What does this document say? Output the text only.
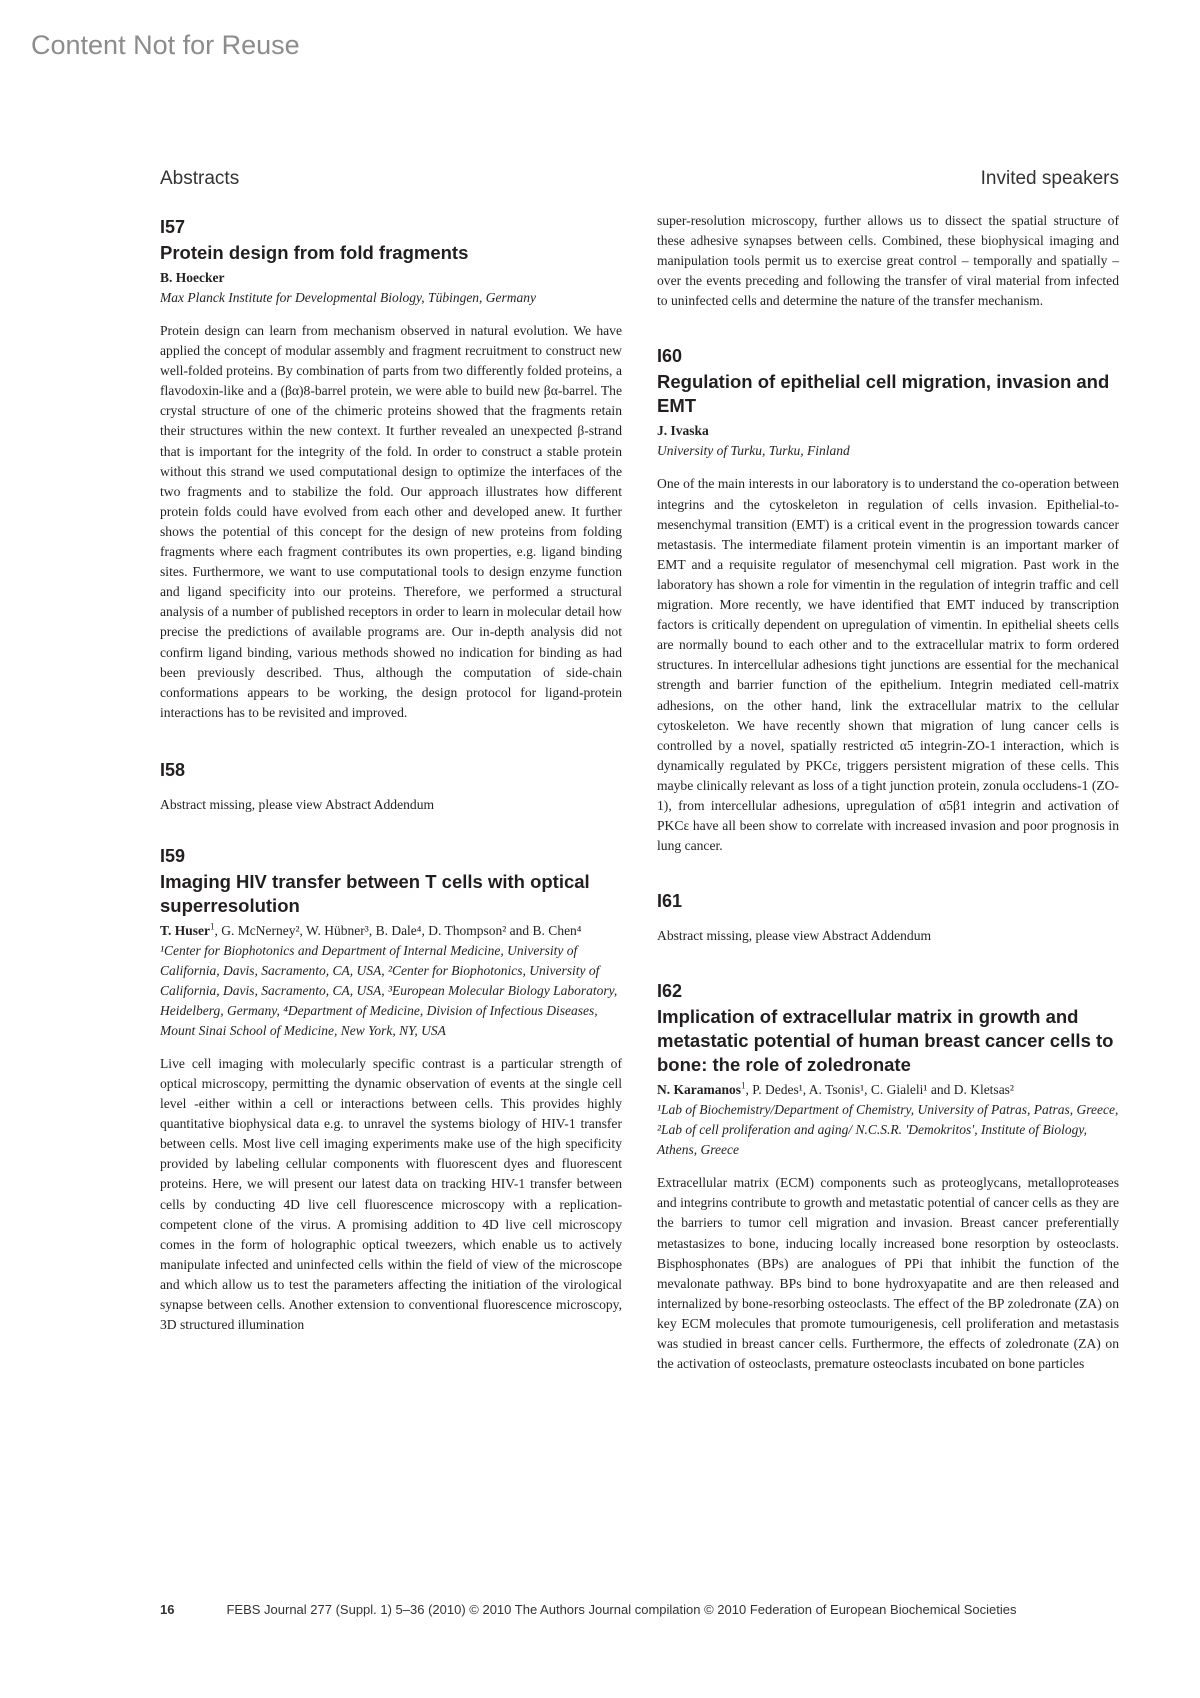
Content Not for Reuse
Abstracts	Invited speakers
I57
Protein design from fold fragments
B. Hoecker
Max Planck Institute for Developmental Biology, Tübingen, Germany
Protein design can learn from mechanism observed in natural evolution. We have applied the concept of modular assembly and fragment recruitment to construct new well-folded proteins. By combination of parts from two differently folded proteins, a flavodoxin-like and a (βα)8-barrel protein, we were able to build new βα-barrel. The crystal structure of one of the chimeric proteins showed that the fragments retain their structures within the new context. It further revealed an unexpected β-strand that is important for the integrity of the fold. In order to construct a stable protein without this strand we used computational design to optimize the interfaces of the two fragments and to stabilize the fold. Our approach illustrates how different protein folds could have evolved from each other and developed anew. It further shows the potential of this concept for the design of new proteins from folding fragments where each fragment contributes its own properties, e.g. ligand binding sites. Furthermore, we want to use computational tools to design enzyme function and ligand specificity into our proteins. Therefore, we performed a structural analysis of a number of published receptors in order to learn in molecular detail how precise the predictions of available programs are. Our in-depth analysis did not confirm ligand binding, various methods showed no indication for binding as had been previously described. Thus, although the computation of side-chain conformations appears to be working, the design protocol for ligand-protein interactions has to be revisited and improved.
I58
Abstract missing, please view Abstract Addendum
I59
Imaging HIV transfer between T cells with optical superresolution
T. Huser$^1$, G. McNerney², W. Hübner³, B. Dale⁴, D. Thompson² and B. Chen⁴
¹Center for Biophotonics and Department of Internal Medicine, University of California, Davis, Sacramento, CA, USA, ²Center for Biophotonics, University of California, Davis, Sacramento, CA, USA, ³European Molecular Biology Laboratory, Heidelberg, Germany, ⁴Department of Medicine, Division of Infectious Diseases, Mount Sinai School of Medicine, New York, NY, USA
Live cell imaging with molecularly specific contrast is a particular strength of optical microscopy, permitting the dynamic observation of events at the single cell level -either within a cell or interactions between cells. This provides highly quantitative biophysical data e.g. to unravel the systems biology of HIV-1 transfer between cells. Most live cell imaging experiments make use of the high specificity provided by labeling cellular components with fluorescent dyes and fluorescent proteins. Here, we will present our latest data on tracking HIV-1 transfer between cells by conducting 4D live cell fluorescence microscopy with a replication-competent clone of the virus. A promising addition to 4D live cell microscopy comes in the form of holographic optical tweezers, which enable us to actively manipulate infected and uninfected cells within the field of view of the microscope and which allow us to test the parameters affecting the initiation of the virological synapse between cells. Another extension to conventional fluorescence microscopy, 3D structured illumination
super-resolution microscopy, further allows us to dissect the spatial structure of these adhesive synapses between cells. Combined, these biophysical imaging and manipulation tools permit us to exercise great control – temporally and spatially – over the events preceding and following the transfer of viral material from infected to uninfected cells and determine the nature of the transfer mechanism.
I60
Regulation of epithelial cell migration, invasion and EMT
J. Ivaska
University of Turku, Turku, Finland
One of the main interests in our laboratory is to understand the co-operation between integrins and the cytoskeleton in regulation of cells invasion. Epithelial-to-mesenchymal transition (EMT) is a critical event in the progression towards cancer metastasis. The intermediate filament protein vimentin is an important marker of EMT and a requisite regulator of mesenchymal cell migration. Past work in the laboratory has shown a role for vimentin in the regulation of integrin traffic and cell migration. More recently, we have identified that EMT induced by transcription factors is critically dependent on upregulation of vimentin. In epithelial sheets cells are normally bound to each other and to the extracellular matrix to form ordered structures. In intercellular adhesions tight junctions are essential for the mechanical strength and barrier function of the epithelium. Integrin mediated cell-matrix adhesions, on the other hand, link the extracellular matrix to the cellular cytoskeleton. We have recently shown that migration of lung cancer cells is controlled by a novel, spatially restricted α5 integrin-ZO-1 interaction, which is dynamically regulated by PKCε, triggers persistent migration of these cells. This maybe clinically relevant as loss of a tight junction protein, zonula occludens-1 (ZO-1), from intercellular adhesions, upregulation of α5β1 integrin and activation of PKCε have all been show to correlate with increased invasion and poor prognosis in lung cancer.
I61
Abstract missing, please view Abstract Addendum
I62
Implication of extracellular matrix in growth and metastatic potential of human breast cancer cells to bone: the role of zoledronate
N. Karamanos$^1$, P. Dedes¹, A. Tsonis¹, C. Gialeli¹ and D. Kletsas²
¹Lab of Biochemistry/Department of Chemistry, University of Patras, Patras, Greece, ²Lab of cell proliferation and aging/ N.C.S.R. 'Demokritos', Institute of Biology, Athens, Greece
Extracellular matrix (ECM) components such as proteoglycans, metalloproteases and integrins contribute to growth and metastatic potential of cancer cells as they are the barriers to tumor cell migration and invasion. Breast cancer preferentially metastasizes to bone, inducing locally increased bone resorption by osteoclasts. Bisphosphonates (BPs) are analogues of PPi that inhibit the function of the mevalonate pathway. BPs bind to bone hydroxyapatite and are then released and internalized by bone-resorbing osteoclasts. The effect of the BP zoledronate (ZA) on key ECM molecules that promote tumourigenesis, cell proliferation and metastasis was studied in breast cancer cells. Furthermore, the effects of zoledronate (ZA) on the activation of osteoclasts, premature osteoclasts incubated on bone particles
16	FEBS Journal 277 (Suppl. 1) 5–36 (2010) © 2010 The Authors Journal compilation © 2010 Federation of European Biochemical Societies
